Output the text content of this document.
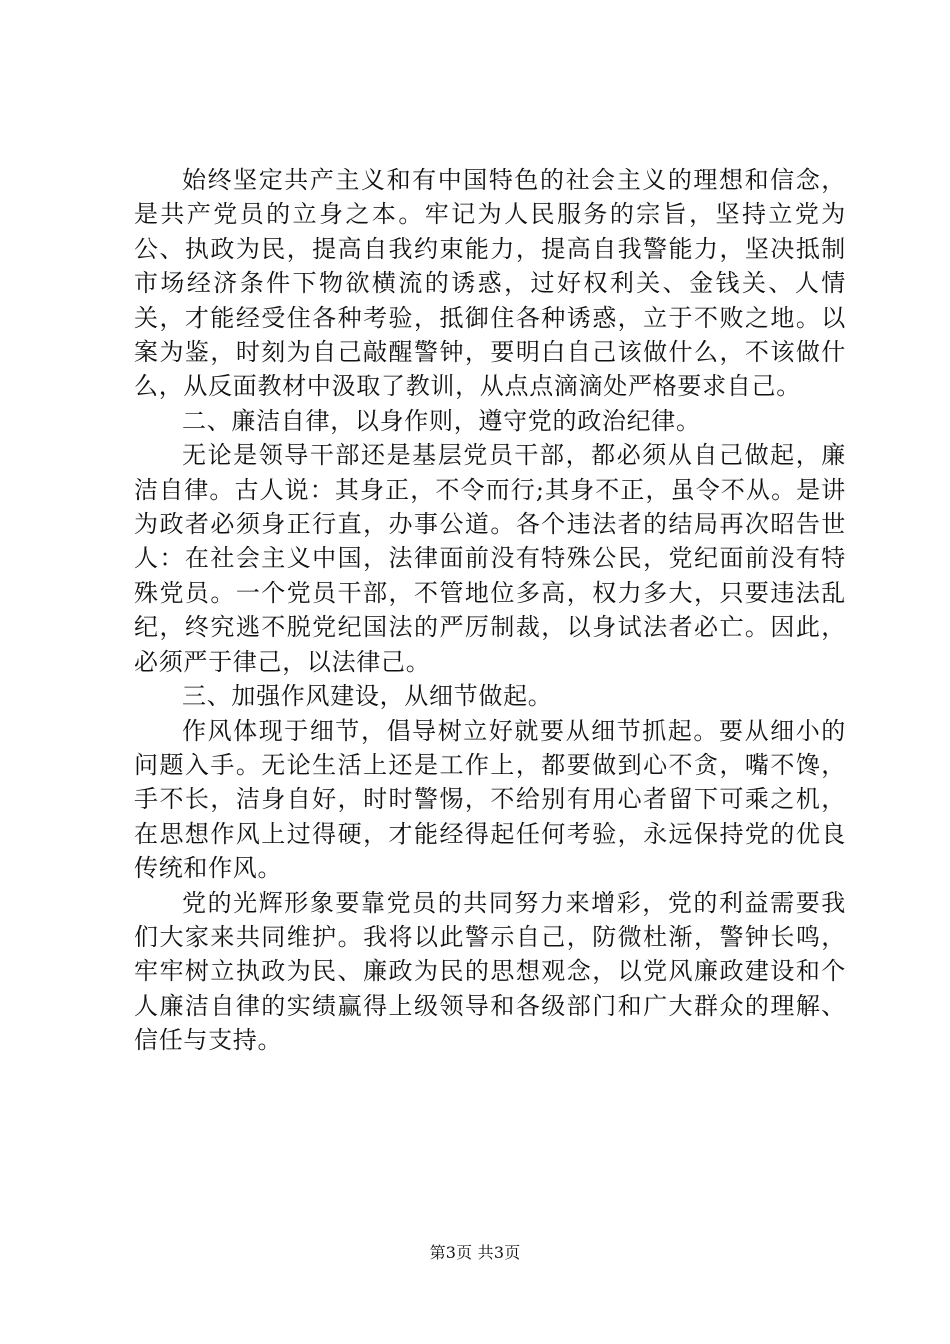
始终坚定共产主义和有中国特色的社会主义的理想和信念，是共产党员的立身之本。牢记为人民服务的宗旨，坚持立党为公、执政为民，提高自我约束能力，提高自我警能力，坚决抵制市场经济条件下物欲横流的诱惑，过好权利关、金钱关、人情关，才能经受住各种考验，抵御住各种诱惑，立于不败之地。以案为鉴，时刻为自己敲醒警钟，要明白自己该做什么，不该做什么，从反面教材中汲取了教训，从点点滴滴处严格要求自己。

二、廉洁自律，以身作则，遵守党的政治纪律。

无论是领导干部还是基层党员干部，都必须从自己做起，廉洁自律。古人说：其身正，不令而行;其身不正，虽令不从。是讲为政者必须身正行直，办事公道。各个违法者的结局再次昭告世人：在社会主义中国，法律面前没有特殊公民，党纪面前没有特殊党员。一个党员干部，不管地位多高，权力多大，只要违法乱纪，终究逃不脱党纪国法的严厉制裁，以身试法者必亡。因此，必须严于律己，以法律己。

三、加强作风建设，从细节做起。

作风体现于细节，倡导树立好就要从细节抓起。要从细小的问题入手。无论生活上还是工作上，都要做到心不贪，嘴不馋，手不长，洁身自好，时时警惕，不给别有用心者留下可乘之机，在思想作风上过得硬，才能经得起任何考验，永远保持党的优良传统和作风。

党的光辉形象要靠党员的共同努力来增彩，党的利益需要我们大家来共同维护。我将以此警示自己，防微杜渐，警钟长鸣，牢牢树立执政为民、廉政为民的思想观念，以党风廉政建设和个人廉洁自律的实绩赢得上级领导和各级部门和广大群众的理解、信任与支持。

第3页 共3页
